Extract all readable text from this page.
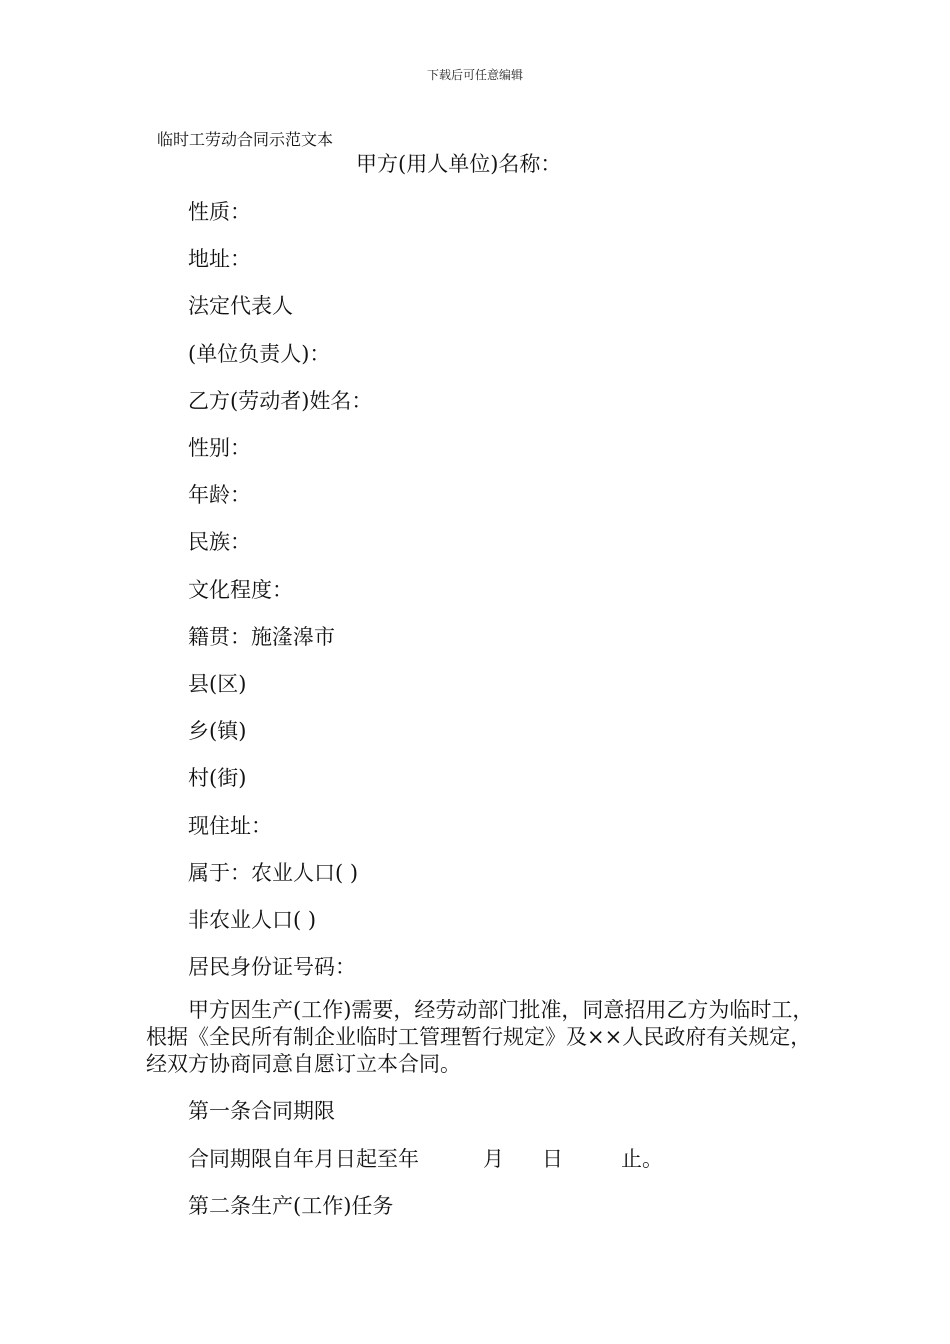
下载后可任意编辑
临时工劳动合同示范文本
甲方(用人单位)名称：
性质：
地址：
法定代表人
(单位负责人)：
乙方(劳动者)姓名：
性别：
年龄：
民族：
文化程度：
籍贯：施湰滜市
县(区)
乡(镇)
村(街)
现住址：
属于：农业人口( )
非农业人口( )
居民身份证号码：
甲方因生产(工作)需要，经劳动部门批准，同意招用乙方为临时工，
根据《全民所有制企业临时工管理暂行规定》及××人民政府有关规定，
经双方协商同意自愿订立本合同。
第一条合同期限
合同期限自年月日起至年	月 日	止。
第二条生产(工作)任务
